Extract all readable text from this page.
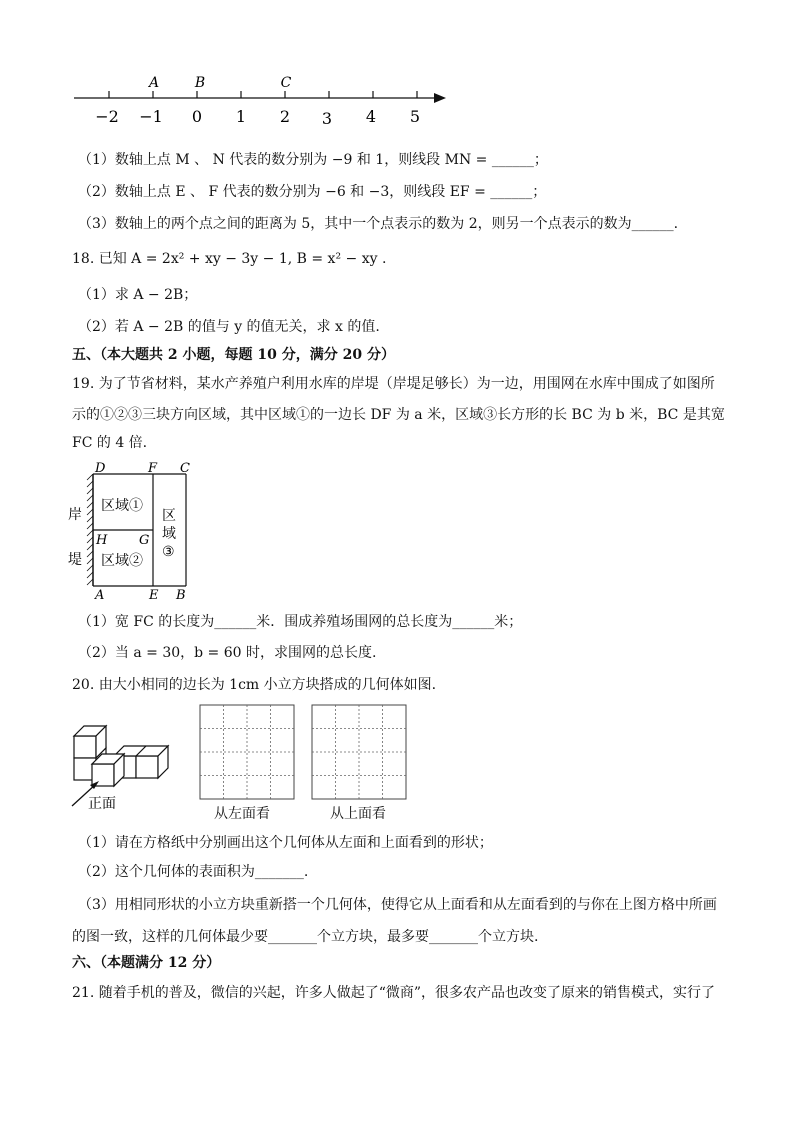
−2 −1 0 1 2 3 4 5
A	B	C
（1）数轴上点 M 、 N 代表的数分别为 −9 和 1，则线段 MN = ______；
（2）数轴上点 E 、 F 代表的数分别为 −6 和 −3，则线段 EF = ______；
（3）数轴上的两个点之间的距离为 5，其中一个点表示的数为 2，则另一个点表示的数为______.
18. 已知 A = 2x² + xy − 3y − 1, B = x² − xy .
（1）求 A − 2B；
（2）若 A − 2B 的值与 y 的值无关，求 x 的值.
五、（本大题共 2 小题，每题 10 分，满分 20 分）
19. 为了节省材料，某水产养殖户利用水库的岸堤（岸堤足够长）为一边，用围网在水库中围成了如图所
示的①②③三块方向区域，其中区域①的一边长 DF 为 a 米，区域③长方形的长 BC 为 b 米，BC 是其宽
FC 的 4 倍.
D	F C
H G
A	E B
岸
堤
区域①
区域②
区
域
③
（1）宽 FC 的长度为______米．围成养殖场围网的总长度为______米；
（2）当 a = 30，b = 60 时，求围网的总长度.
20. 由大小相同的边长为 1cm 小立方块搭成的几何体如图.
正面
从左面看	从上面看
（1）请在方格纸中分别画出这个几何体从左面和上面看到的形状；
（2）这个几何体的表面积为_______.
（3）用相同形状的小立方块重新搭一个几何体，使得它从上面看和从左面看到的与你在上图方格中所画
的图一致，这样的几何体最少要_______个立方块，最多要_______个立方块.
六、（本题满分 12 分）
21. 随着手机的普及，微信的兴起，许多人做起了“微商”，很多农产品也改变了原来的销售模式，实行了
